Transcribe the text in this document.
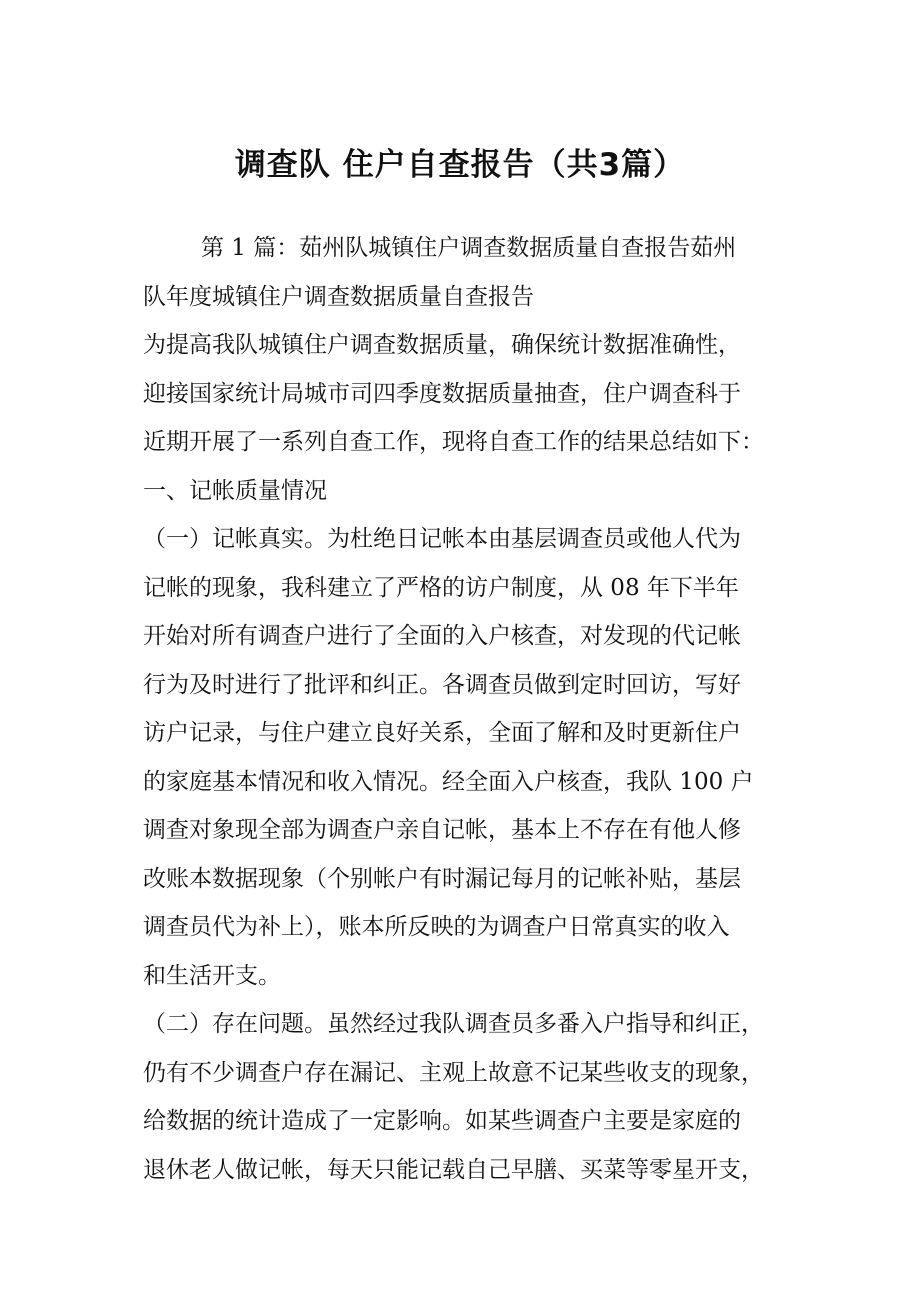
调查队 住户自查报告（共3篇）

第 1 篇：茹州队城镇住户调查数据质量自查报告茹州

队年度城镇住户调查数据质量自查报告

为提高我队城镇住户调查数据质量，确保统计数据准确性，

迎接国家统计局城市司四季度数据质量抽查，住户调查科于

近期开展了一系列自查工作，现将自查工作的结果总结如下：

一、记帐质量情况

（一）记帐真实。为杜绝日记帐本由基层调查员或他人代为

记帐的现象，我科建立了严格的访户制度，从 08 年下半年

开始对所有调查户进行了全面的入户核查，对发现的代记帐

行为及时进行了批评和纠正。各调查员做到定时回访，写好

访户记录，与住户建立良好关系，全面了解和及时更新住户

的家庭基本情况和收入情况。经全面入户核查，我队 100 户

调查对象现全部为调查户亲自记帐，基本上不存在有他人修

改账本数据现象（个别帐户有时漏记每月的记帐补贴，基层

调查员代为补上），账本所反映的为调查户日常真实的收入

和生活开支。

（二）存在问题。虽然经过我队调查员多番入户指导和纠正，

仍有不少调查户存在漏记、主观上故意不记某些收支的现象，

给数据的统计造成了一定影响。如某些调查户主要是家庭的

退休老人做记帐，每天只能记载自己早膳、买菜等零星开支，
